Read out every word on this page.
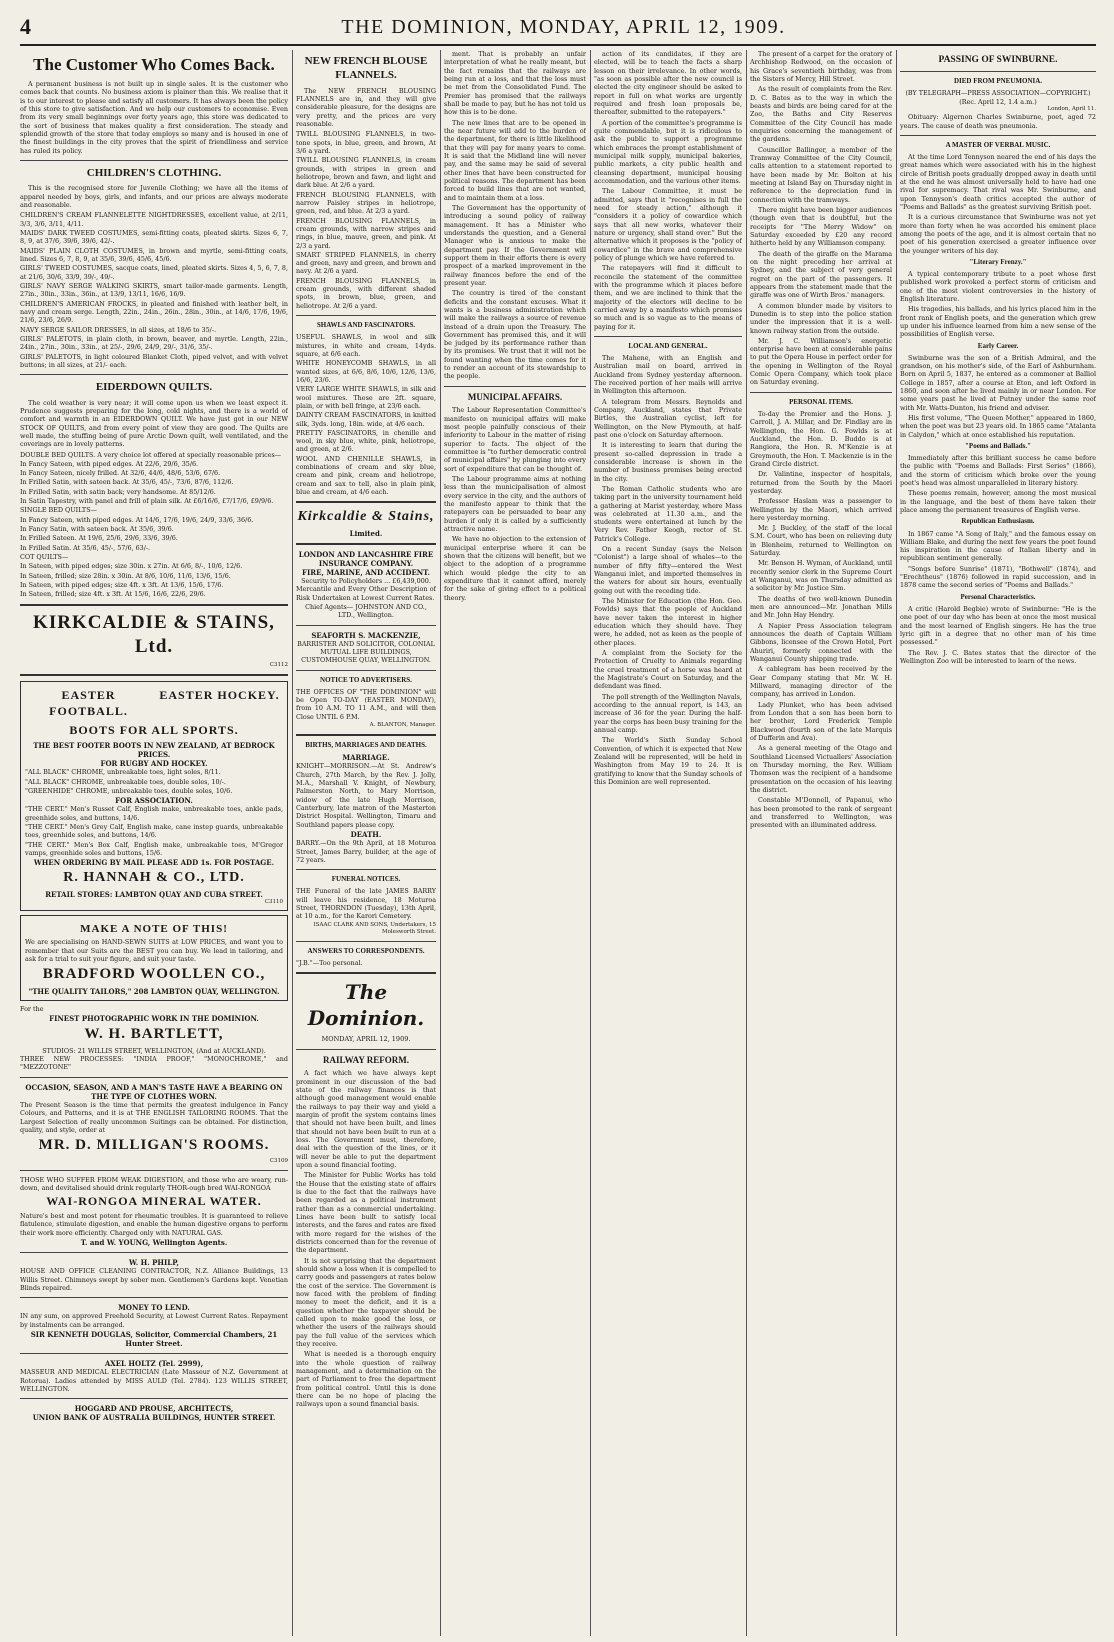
4	THE DOMINION, MONDAY, APRIL 12, 1909.
The Customer Who Comes Back.

A permanent business is not built up in single sales. It is the customer who comes back that counts. No business axiom is plainer than this. We realise that it is to our interest to please and satisfy all customers. It has always been the policy of this store to give satisfaction. And we help our customers to economise. Even from its very small beginnings over forty years ago, this store was dedicated to the sort of business that makes quality a first consideration. The steady and splendid growth of the store that today employs so many and is housed in one of the finest buildings in the city proves that the spirit of friendliness and service has ruled its policy.

CHILDREN'S CLOTHING.

This is the recognised store for Juvenile Clothing; we have all the items of apparel needed by boys, girls, and infants, and our prices are always moderate and reasonable.

CHILDREN'S CREAM FLANNELETTE NIGHTDRESSES, excellent value, at 2/11, 3/3, 3/6, 3/11, 4/11.
MAIDS' DARK TWEED COSTUMES, semi-fitting coats, pleated skirts. Sizes 6, 7, 8, 9, at 37/6, 39/6, 39/6, 42/-.
MAIDS' PLAIN CLOTH COSTUMES, in brown and myrtle, semi-fitting coats, lined. Sizes 6, 7, 8, 9, at 35/6, 39/6, 45/6, 45/6.
GIRLS' TWEED COSTUMES, sacque coats, lined, pleated skirts. Sizes 4, 5, 6, 7, 8, at 21/6, 30/6, 33/9, 39/-, 49/-.
GIRLS' NAVY SERGE WALKING SKIRTS, smart tailor-made garments. Length, 27in., 30in., 33in., 36in., at 13/9, 13/11, 16/6, 16/9.
CHILDREN'S AMERICAN FROCKS, in pleated and finished with leather belt, in navy and cream serge. Length, 22in., 24in., 26in., 28in., 30in., at 14/6, 17/6, 19/6, 21/6, 23/6, 26/9.
NAVY SERGE SAILOR DRESSES, in all sizes, at 18/6 to 35/-.
GIRLS' PALETOTS, in plain cloth, in brown, beaver, and myrtle. Length, 22in., 24in., 27in., 30in., 33in., at 25/-, 29/6, 24/9, 29/-, 31/6, 35/-.
GIRLS' PALETOTS, in light coloured Blanket Cloth, piped velvet, and with velvet buttons; in all sizes, at 21/- each.
EIDERDOWN QUILTS.

The cold weather is very near; it will come upon us when we least expect it. Prudence suggests preparing for the long, cold nights, and there is a world of comfort and warmth in an EIDERDOWN QUILT. We have just got in our NEW STOCK OF QUILTS, and from every point of view they are good. The Quilts are well made, the stuffing being of pure Arctic Down quilt, well ventilated, and the coverings are in lovely patterns.

DOUBLE BED QUILTS. A very choice lot offered at specially reasonable prices—
In Fancy Sateen, with piped edges. At 22/6, 29/6, 35/6.
In Fancy Sateen, nicely frilled. At 32/6, 44/6, 48/6, 53/6, 67/6.
In Frilled Satin, with sateen back. At 35/6, 45/-, 73/6, 87/6, 112/6.
In Frilled Satin, with satin back; very handsome. At 85/12/6.
In Satin Tapestry, with panel and frill of plain silk. At £6/16/6, £7/17/6, £9/9/6.
SINGLE BED QUILTS—
In Fancy Sateen, with piped edges. At 14/6, 17/6, 19/6, 24/9, 33/6, 36/6.
In Fancy Satin, with sateen back. At 35/6, 39/6.
In Frilled Sateen. At 19/6, 25/6, 29/6, 33/6, 39/6.
In Frilled Satin. At 35/6, 45/-, 57/6, 63/-.
COT QUILTS—
In Sateen, with piped edges; size 30in. x 27in. At 6/6, 8/-, 10/6, 12/6.
In Sateen, frilled; size 28in. x 30in. At 8/6, 10/6, 11/6, 13/6, 15/6.
In Sateen, with piped edges; size 4ft. x 3ft. At 13/6, 15/6, 17/6.
In Sateen, frilled; size 4ft. x 3ft. At 15/6, 16/6, 22/6, 29/6.
KIRKCALDIE & STAINS, Ltd.
C3112
EASTER FOOTBALL.
EASTER HOCKEY.
BOOTS FOR ALL SPORTS.
THE BEST FOOTER BOOTS IN NEW ZEALAND, AT BEDROCK PRICES.
FOR RUGBY AND HOCKEY.
"ALL BLACK" CHROME, unbreakable toes, light soles, 8/11.
"ALL BLACK" CHROME, unbreakable toes, double soles, 10/-.
"GREENHIDE" CHROME, unbreakable toes, double soles, 10/6.
FOR ASSOCIATION.
"THE CERT." Men's Russet Calf, English make, unbreakable toes, ankle pads, greenhide soles, and buttons, 14/6.
"THE CERT." Men's Grey Calf, English make, cane instep guards, unbreakable toes, greenhide soles, and buttons, 14/6.
"THE CERT." Men's Box Calf, English make, unbreakable toes, M'Gregor vamps, greenhide soles and buttons, 15/6.
WHEN ORDERING BY MAIL PLEASE ADD 1s. FOR POSTAGE.
R. HANNAH & CO., LTD.
RETAIL STORES: LAMBTON QUAY AND CUBA STREET.
C3110
MAKE A NOTE OF THIS!
We are specialising on HAND-SEWN SUITS at LOW PRICES, and want you to remember that our Suits are the BEST you can buy. We lead in tailoring, and ask for a trial to suit your figure, and suit your taste.
BRADFORD WOOLLEN CO.,
"THE QUALITY TAILORS," 208 LAMBTON QUAY, WELLINGTON.
For the
FINEST PHOTOGRAPHIC WORK IN THE DOMINION.
W. H. BARTLETT,
STUDIOS: 21 WILLIS STREET, WELLINGTON, (And at AUCKLAND).
THREE NEW PROCESSES: "INDIA PROOF," "MONOCHROME," and "MEZZOTONE"
OCCASION, SEASON, AND A MAN'S TASTE HAVE A BEARING ON THE TYPE OF CLOTHES WORN.
The Present Season is the time that permits the greatest indulgence in Fancy Colours, and Patterns, and it is at THE ENGLISH TAILORING ROOMS. That the Largest Selection of really uncommon Suitings can be obtained. For distinction, quality, and style, order at
MR. D. MILLIGAN'S ROOMS.
C3109
THOSE WHO SUFFER FROM WEAK DIGESTION, and those who are weary, run-down, and devitalised should drink regularly THOR-ough bred WAI-RONGOA
WAI-RONGOA MINERAL WATER.
Nature's best and most potent for rheumatic troubles. It is guaranteed to relieve flatulence, stimulate digestion, and enable the human digestive organs to perform their work more efficiently. Charged only with NATURAL GAS.
T. and W. YOUNG, Wellington Agents.
W. H. PHILP,
HOUSE AND OFFICE CLEANING CONTRACTOR, N.Z. Alliance Buildings, 13 Willis Street. Chimneys swept by sober men. Gentlemen's Gardens kept. Venetian Blinds repaired.
MONEY TO LEND.
IN any sum, on approved Freehold Security, at Lowest Current Rates. Repayment by instalments can be arranged.
SIR KENNETH DOUGLAS, Solicitor, Commercial Chambers, 21 Hunter Street.
AXEL HOLTZ (Tel. 2999),
MASSEUR AND MEDICAL ELECTRICIAN (Late Masseur of N.Z. Government at Rotorua). Ladies attended by MISS AULD (Tel. 2784). 123 WILLIS STREET, WELLINGTON.
HOGGARD AND PROUSE, ARCHITECTS,
UNION BANK OF AUSTRALIA BUILDINGS, HUNTER STREET.
NEW FRENCH BLOUSE FLANNELS.

The NEW FRENCH BLOUSING FLANNELS are in, and they will give considerable pleasure, for the designs are very pretty, and the prices are very reasonable.

TWILL BLOUSING FLANNELS, in two-tone spots, in blue, green, and brown, At 3/6 a yard.
TWILL BLOUSING FLANNELS, in cream grounds, with stripes in green and heliotrope, brown and fawn, and light and dark blue. At 2/6 a yard.
FRENCH BLOUSING FLANNELS, with narrow Paisley stripes in heliotrope, green, red, and blue. At 2/3 a yard.
FRENCH BLOUSING FLANNELS, in cream grounds, with narrow stripes and rings, in blue, mauve, green, and pink. At 2/3 a yard.
SMART STRIPED FLANNELS, in cherry and green, navy and green, and brown and navy. At 2/6 a yard.
FRENCH BLOUSING FLANNELS, in cream grounds, with different shaded spots, in brown, blue, green, and heliotrope. At 2/6 a yard.
SHAWLS AND FASCINATORS.
USEFUL SHAWLS, in wool and silk mixtures, in white and cream, 14yds. square, at 6/6 each.
WHITE HONEYCOMB SHAWLS, in all wanted sizes, at 6/6, 8/6, 10/6, 12/6, 13/6, 16/6, 23/6.
VERY LARGE WHITE SHAWLS, in silk and wool mixtures. These are 2ft. square, plain, or with bell fringe, at 23/6 each.
DAINTY CREAM FASCINATORS, in knitted silk, 3yds. long, 18in. wide, at 4/6 each.
PRETTY FASCINATORS, in chenille and wool, in sky blue, white, pink, heliotrope, and green, at 2/6.
WOOL AND CHENILLE SHAWLS, in combinations of cream and sky blue, cream and pink, cream and heliotrope, cream and sax to tell, also in plain pink, blue and cream, at 4/6 each.
Kirkcaldie & Stains,
Limited.
LONDON AND LANCASHIRE FIRE INSURANCE COMPANY.
FIRE, MARINE, AND ACCIDENT.
Security to Policyholders ... £6,439,000.
Mercantile and Every Other Description of Risk Undertaken at Lowest Current Rates.
Chief Agents— JOHNSTON AND CO., LTD., Wellington.
SEAFORTH S. MACKENZIE,
BARRISTER AND SOLICITOR, COLONIAL MUTUAL LIFE BUILDINGS, CUSTOMHOUSE QUAY, WELLINGTON.
NOTICE TO ADVERTISERS.
THE OFFICES OF "THE DOMINION" will be Open TO-DAY (EASTER MONDAY), from 10 A.M. TO 11 A.M., and will then Close UNTIL 6 P.M.
A. BLANTON, Manager.
BIRTHS, MARRIAGES AND DEATHS.
MARRIAGE.
KNIGHT—MORRISON.—At St. Andrew's Church, 27th March, by the Rev. J. Jolly, M.A., Marshall V. Knight, of Newbury, Palmerston North, to Mary Morrison, widow of the late Hugh Morrison, Canterbury, late matron of the Masterton District Hospital. Wellington, Timaru and Southland papers please copy.
DEATH.
BARRY.—On the 9th April, at 18 Moturoa Street, James Barry, builder, at the age of 72 years.
FUNERAL NOTICES.
THE Funeral of the late JAMES BARRY will leave his residence, 18 Moturoa Street, THORNDON (Tuesday), 13th April, at 10 a.m., for the Karori Cemetery.
ISAAC CLARK AND SONS, Undertakers, 15 Molesworth Street.
ANSWERS TO CORRESPONDENTS.
"J.B."—Too personal.
The Dominion.
MONDAY, APRIL 12, 1909.
RAILWAY REFORM.

A fact which we have always kept prominent in our discussion of the bad state of the railway finances is that although good management would enable the railways to pay their way and yield a margin of profit the system contains lines that should not have been built, and lines that should not have been built to run at a loss. The Government must, therefore, deal with the question of the lines, or it will never be able to put the department upon a sound financial footing.

The Minister for Public Works has told the House that the existing state of affairs is due to the fact that the railways have been regarded as a political instrument rather than as a commercial undertaking. Lines have been built to satisfy local interests, and the fares and rates are fixed with more regard for the wishes of the districts concerned than for the revenue of the department.

It is not surprising that the department should show a loss when it is compelled to carry goods and passengers at rates below the cost of the service. The Government is now faced with the problem of finding money to meet the deficit, and it is a question whether the taxpayer should be called upon to make good the loss, or whether the users of the railways should pay the full value of the services which they receive.

What is needed is a thorough enquiry into the whole question of railway management, and a determination on the part of Parliament to free the department from political control. Until this is done there can be no hope of placing the railways upon a sound financial basis.

ment. That is probably an unfair interpretation of what he really meant, but the fact remains that the railways are being run at a loss, and that the loss must be met from the Consolidated Fund. The Premier has promised that the railways shall be made to pay, but he has not told us how this is to be done.

The new lines that are to be opened in the near future will add to the burden of the department, for there is little likelihood that they will pay for many years to come. It is said that the Midland line will never pay, and the same may be said of several other lines that have been constructed for political reasons. The department has been forced to build lines that are not wanted, and to maintain them at a loss.

The Government has the opportunity of introducing a sound policy of railway management. It has a Minister who understands the question, and a General Manager who is anxious to make the department pay. If the Government will support them in their efforts there is every prospect of a marked improvement in the railway finances before the end of the present year.

The country is tired of the constant deficits and the constant excuses. What it wants is a business administration which will make the railways a source of revenue instead of a drain upon the Treasury. The Government has promised this, and it will be judged by its performance rather than by its promises. We trust that it will not be found wanting when the time comes for it to render an account of its stewardship to the people.

MUNICIPAL AFFAIRS.

The Labour Representation Committee's manifesto on municipal affairs will make most people painfully conscious of their inferiority to Labour in the matter of rising superior to facts. The object of the committee is "to further democratic control of municipal affairs" by plunging into every sort of expenditure that can be thought of.

The Labour programme aims at nothing less than the municipalisation of almost every service in the city, and the authors of the manifesto appear to think that the ratepayers can be persuaded to bear any burden if only it is called by a sufficiently attractive name.

We have no objection to the extension of municipal enterprise where it can be shown that the citizens will benefit, but we object to the adoption of a programme which would pledge the city to an expenditure that it cannot afford, merely for the sake of giving effect to a political theory.

action of its candidates, if they are elected, will be to teach the facts a sharp lesson on their irrelevance. In other words, "as soon as possible after the new council is elected the city engineer should be asked to report in full on what works are urgently required and fresh loan proposals be, thereafter, submitted to the ratepayers."

A portion of the committee's programme is quite commendable, but it is ridiculous to ask the public to support a programme which embraces the prompt establishment of municipal milk supply, municipal bakeries, public markets, a city public health and cleansing department, municipal housing accommodation, and the various other items.

The Labour Committee, it must be admitted, says that it "recognises in full the need for steady action," although it "considers it a policy of cowardice which says that all new works, whatever their nature or urgency, shall stand over." But the alternative which it proposes is the "policy of cowardice" in the brave and comprehensive policy of plunge which we have referred to.

The ratepayers will find it difficult to reconcile the statement of the committee with the programme which it places before them, and we are inclined to think that the majority of the electors will decline to be carried away by a manifesto which promises so much and is so vague as to the means of paying for it.

LOCAL AND GENERAL.

The Mahene, with an English and Australian mail on board, arrived in Auckland from Sydney yesterday afternoon. The received portion of her mails will arrive in Wellington this afternoon.

A telegram from Messrs. Reynolds and Company, Auckland, states that Private Birtles, the Australian cyclist, left for Wellington, on the New Plymouth, at half-past one o'clock on Saturday afternoon.

It is interesting to learn that during the present so-called depression in trade a considerable increase is shown in the number of business premises being erected in the city.

The Roman Catholic students who are taking part in the university tournament held a gathering at Marist yesterday, where Mass was celebrated at 11.30 a.m., and the students were entertained at lunch by the Very Rev. Father Keogh, rector of St. Patrick's College.

On a recent Sunday (says the Nelson "Colonist") a large shoal of whales—to the number of fifty fifty—entered the West Wanganui inlet, and imported themselves in the waters for about six hours, eventually going out with the receding tide.

The Minister for Education (the Hon. Geo. Fowlds) says that the people of Auckland have never taken the interest in higher education which they should have. They were, he added, not as keen as the people of other places.

A complaint from the Society for the Protection of Cruelty to Animals regarding the cruel treatment of a horse was heard at the Magistrate's Court on Saturday, and the defendant was fined.

The poll strength of the Wellington Navals, according to the annual report, is 143, an increase of 36 for the year. During the half-year the corps has been busy training for the annual camp.

The World's Sixth Sunday School Convention, of which it is expected that New Zealand will be represented, will be held in Washington from May 19 to 24. It is gratifying to know that the Sunday schools of this Dominion are well represented.

The present of a carpet for the oratory of Archbishop Redwood, on the occasion of his Grace's seventieth birthday, was from the Sisters of Mercy, Hill Street.

As the result of complaints from the Rev. D. C. Bates as to the way in which the beasts and birds are being cared for at the Zoo, the Baths and City Reserves Committee of the City Council has made enquiries concerning the management of the gardens.

Councillor Ballinger, a member of the Tramway Committee of the City Council, calls attention to a statement reported to have been made by Mr. Bolton at his meeting at Island Bay on Thursday night in reference to the depreciation fund in connection with the tramways.

There might have been bigger audiences (though even that is doubtful, but the receipts for "The Merry Widow" on Saturday exceeded by £20 any record hitherto held by any Williamson company.

The death of the giraffe on the Marama on the night preceding her arrival at Sydney, and the subject of very general regret on the part of the passengers. It appears from the statement made that the giraffe was one of Wirth Bros.' managers.

A common blunder made by visitors to Dunedin is to step into the police station under the impression that it is a well-known railway station from the outside.

Mr. J. C. Williamson's energetic enterprise have been at considerable pains to put the Opera House in perfect order for the opening in Wellington of the Royal Comic Opera Company, which took place on Saturday evening.

PERSONAL ITEMS.

To-day the Premier and the Hons. J. Carroll, J. A. Millar, and Dr. Findlay are in Wellington, the Hon. G. Fowlds is at Auckland, the Hon. D. Buddo is at Rangiora, the Hon. R. M'Kenzie is at Greymouth, the Hon. T. Mackenzie is in the Grand Circle district.

Dr. Valintine, inspector of hospitals, returned from the South by the Maori yesterday.

Professor Haslam was a passenger to Wellington by the Maori, which arrived here yesterday morning.

Mr. J. Buckley, of the staff of the local S.M. Court, who has been on relieving duty in Blenheim, returned to Wellington on Saturday.

Mr. Benson H. Wyman, of Auckland, until recently senior clerk in the Supreme Court at Wanganui, was on Thursday admitted as a solicitor by Mr. Justice Sim.

The deaths of two well-known Dunedin men are announced—Mr. Jonathan Mills and Mr. John Hay Hendry.

A Napier Press Association telegram announces the death of Captain William Gibbons, licensee of the Crown Hotel, Port Ahuriri, formerly connected with the Wanganui County shipping trade.

A cablegram has been received by the Gear Company stating that Mr. W. H. Millward, managing director of the company, has arrived in London.

Lady Plunket, who has been advised from London that a son has been born to her brother, Lord Frederick Temple Blackwood (fourth son of the late Marquis of Dufferin and Ava).

As a general meeting of the Otago and Southland Licensed Victuallers' Association on Thursday morning, the Rev. William Thomson was the recipient of a handsome presentation on the occasion of his leaving the district.

Constable M'Donnell, of Papanui, who has been promoted to the rank of sergeant and transferred to Wellington, was presented with an illuminated address.

PASSING OF SWINBURNE.
DIED FROM PNEUMONIA.
(BY TELEGRAPH—PRESS ASSOCIATION—COPYRIGHT.)
(Rec. April 12, 1.4 a.m.)
London, April 11.

Obituary: Algernon Charles Swinburne, poet, aged 72 years. The cause of death was pneumonia.

A MASTER OF VERBAL MUSIC.

At the time Lord Tennyson neared the end of his days the great names which were associated with his in the highest circle of British poets gradually dropped away in death until at the end he was almost universally held to have had one rival for supremacy. That rival was Mr. Swinburne, and upon Tennyson's death critics accepted the author of "Poems and Ballads" as the greatest surviving British poet.

It is a curious circumstance that Swinburne was not yet more than forty when he was accorded his eminent place among the poets of the age, and it is almost certain that no poet of his generation exercised a greater influence over the younger writers of his day.

"Literary Frenzy."

A typical contemporary tribute to a poet whose first published work provoked a perfect storm of criticism and one of the most violent controversies in the history of English literature.

His tragedies, his ballads, and his lyrics placed him in the front rank of English poets, and the generation which grew up under his influence learned from him a new sense of the possibilities of English verse.

Early Career.

Swinburne was the son of a British Admiral, and the grandson, on his mother's side, of the Earl of Ashburnham. Born on April 5, 1837, he entered as a commoner at Balliol College in 1857, after a course at Eton, and left Oxford in 1860, and soon after he lived mainly in or near London. For some years past he lived at Putney under the same roof with Mr. Watts-Dunton, his friend and adviser.

His first volume, "The Queen Mother," appeared in 1860, when the poet was but 23 years old. In 1865 came "Atalanta in Calydon," which at once established his reputation.

"Poems and Ballads."

Immediately after this brilliant success he came before the public with "Poems and Ballads: First Series" (1866), and the storm of criticism which broke over the young poet's head was almost unparalleled in literary history.

These poems remain, however, among the most musical in the language, and the best of them have taken their place among the permanent treasures of English verse.

Republican Enthusiasm.

In 1867 came "A Song of Italy," and the famous essay on William Blake, and during the next few years the poet found his inspiration in the cause of Italian liberty and in republican sentiment generally.

"Songs before Sunrise" (1871), "Bothwell" (1874), and "Erechtheus" (1876) followed in rapid succession, and in 1878 came the second series of "Poems and Ballads."

Personal Characteristics.

A critic (Harold Begbie) wrote of Swinburne: "He is the one poet of our day who has been at once the most musical and the most learned of English singers. He has the true lyric gift in a degree that no other man of his time possessed."

The Rev. J. C. Bates states that the director of the Wellington Zoo will be interested to learn of the news.
